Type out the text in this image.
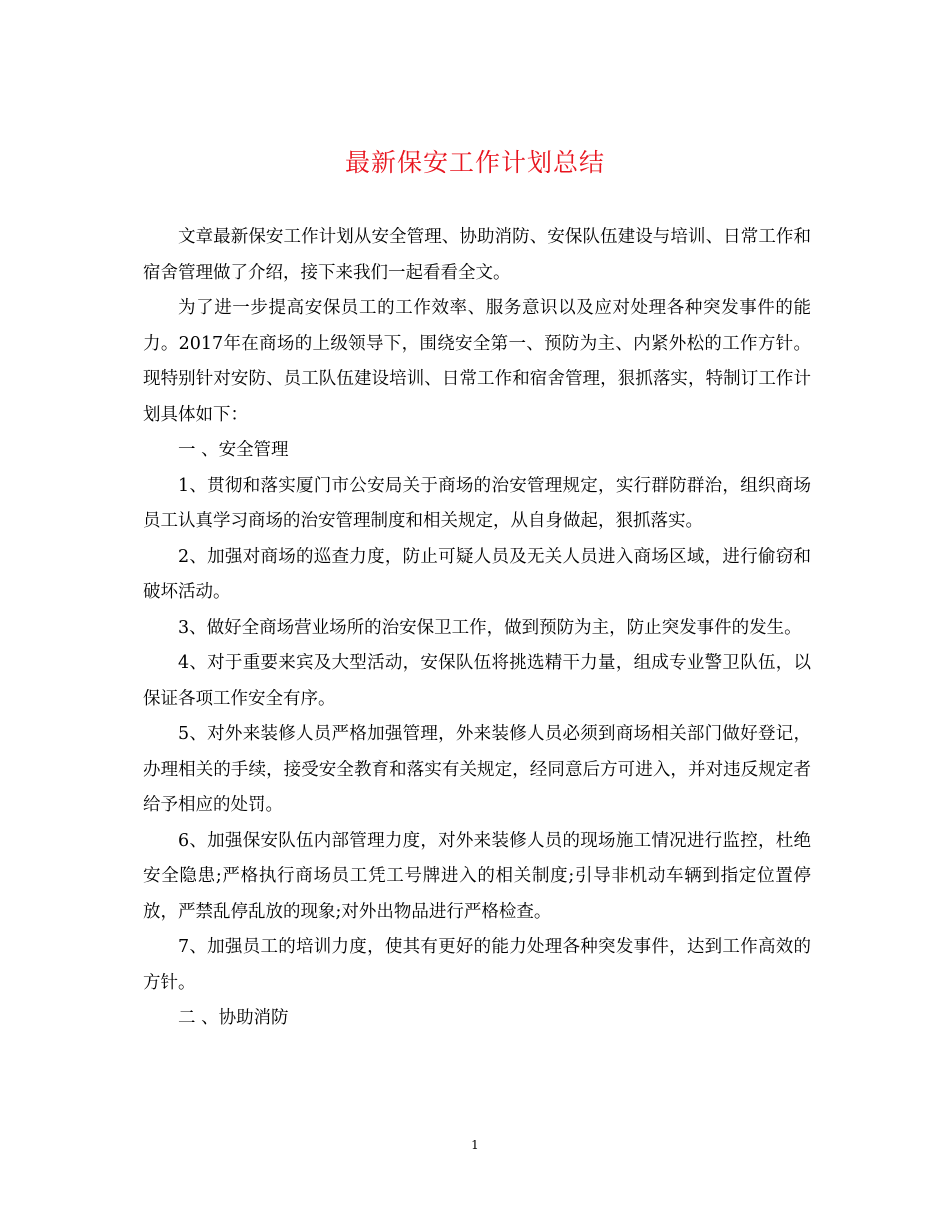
最新保安工作计划总结

文章最新保安工作计划从安全管理、协助消防、安保队伍建设与培训、日常工作和宿舍管理做了介绍，接下来我们一起看看全文。

为了进一步提高安保员工的工作效率、服务意识以及应对处理各种突发事件的能力。2017年在商场的上级领导下，围绕安全第一、预防为主、内紧外松的工作方针。现特别针对安防、员工队伍建设培训、日常工作和宿舍管理，狠抓落实，特制订工作计划具体如下：

一 、安全管理

1、贯彻和落实厦门市公安局关于商场的治安管理规定，实行群防群治，组织商场员工认真学习商场的治安管理制度和相关规定，从自身做起，狠抓落实。

2、加强对商场的巡查力度，防止可疑人员及无关人员进入商场区域，进行偷窃和破坏活动。

3、做好全商场营业场所的治安保卫工作，做到预防为主，防止突发事件的发生。

4、对于重要来宾及大型活动，安保队伍将挑选精干力量，组成专业警卫队伍，以保证各项工作安全有序。

5、对外来装修人员严格加强管理，外来装修人员必须到商场相关部门做好登记，办理相关的手续，接受安全教育和落实有关规定，经同意后方可进入，并对违反规定者给予相应的处罚。

6、加强保安队伍内部管理力度，对外来装修人员的现场施工情况进行监控，杜绝安全隐患;严格执行商场员工凭工号牌进入的相关制度;引导非机动车辆到指定位置停放，严禁乱停乱放的现象;对外出物品进行严格检查。

7、加强员工的培训力度，使其有更好的能力处理各种突发事件，达到工作高效的方针。

二 、协助消防

1
